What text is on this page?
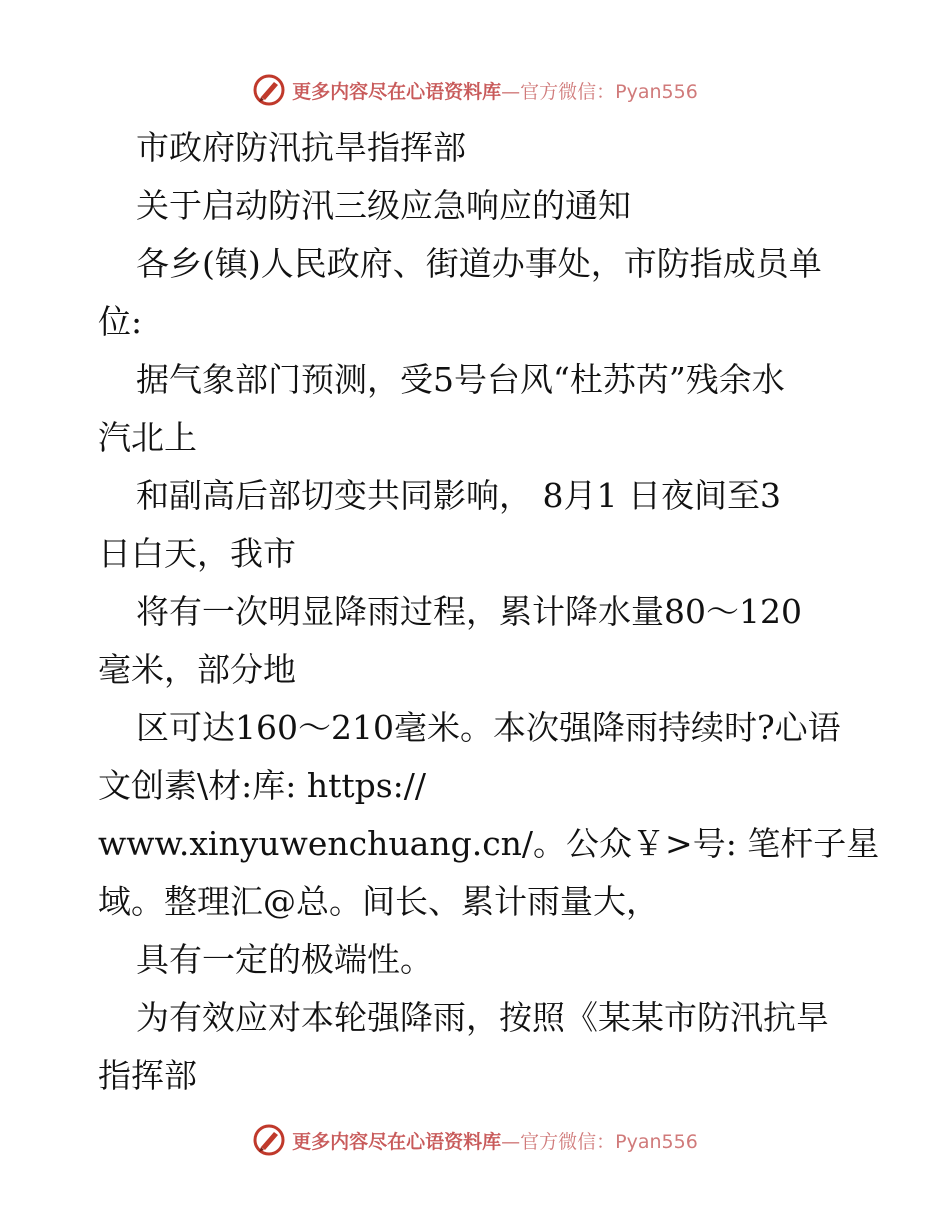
更多内容尽在心语资料库—官方微信：Pyan556
市政府防汛抗旱指挥部
关于启动防汛三级应急响应的通知
各乡(镇)人民政府、街道办事处，市防指成员单
位:
据气象部门预测，受5号台风“杜苏芮”残余水
汽北上
和副高后部切变共同影响， 8月1 日夜间至3
日白天，我市
将有一次明显降雨过程，累计降水量80～120
毫米，部分地
区可达160～210毫米。本次强降雨持续时?心语
文创素\材:库: https://
www.xinyuwenchuang.cn/。公众￥>号: 笔杆子星
域。整理汇@总。间长、累计雨量大，
具有一定的极端性。
为有效应对本轮强降雨，按照《某某市防汛抗旱
指挥部
更多内容尽在心语资料库—官方微信：Pyan556
